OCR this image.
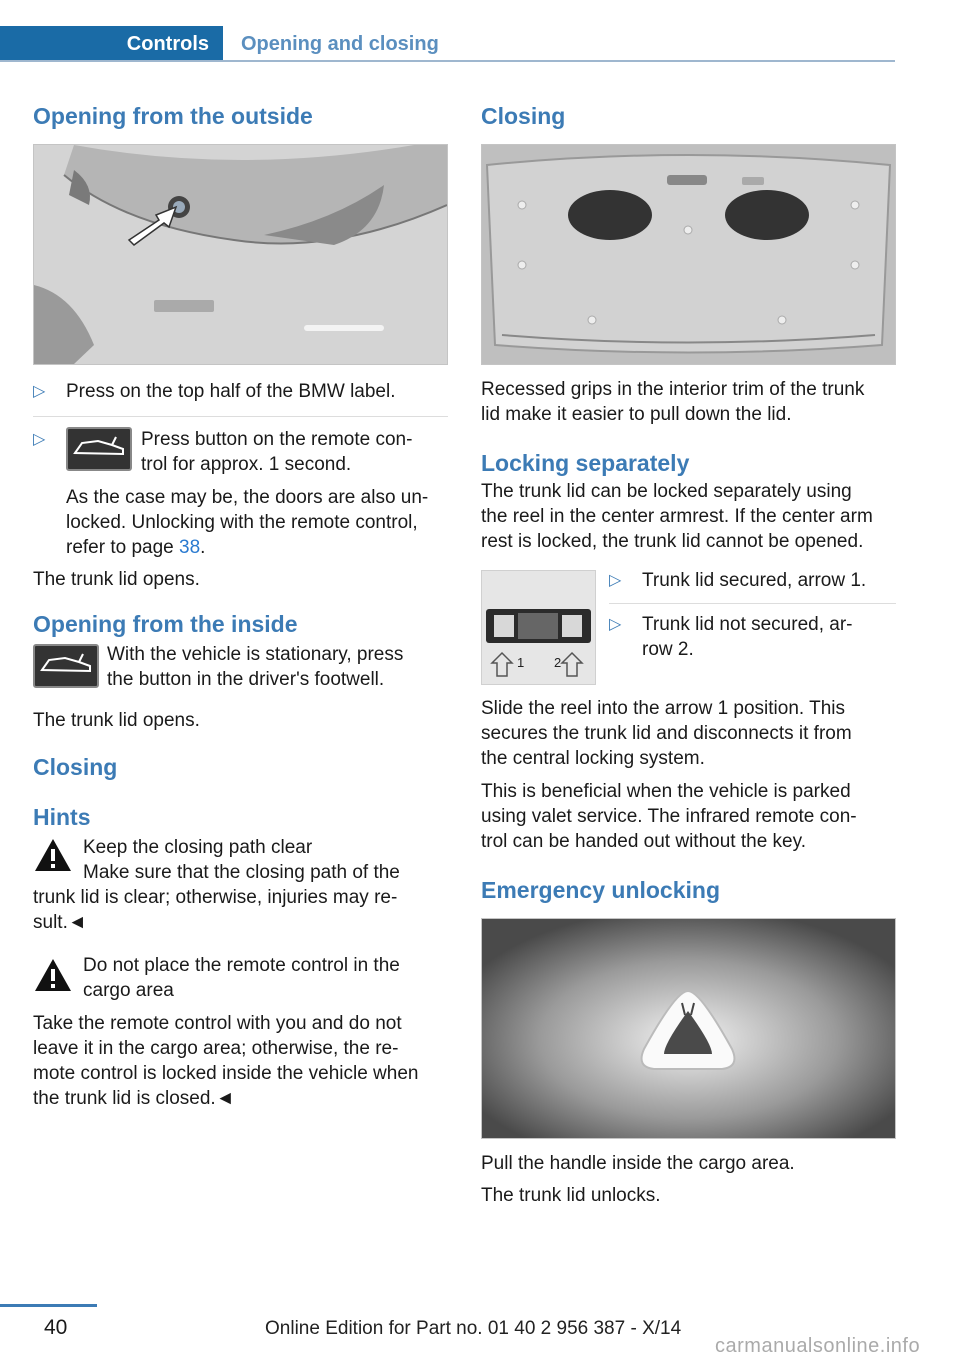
Controls	Opening and closing
Opening from the outside
▷ Press on the top half of the BMW label.
▷	Press button on the remote con-

trol for approx. 1 second.

As the case may be, the doors are also un-

locked. Unlocking with the remote control,

refer to page 38.

The trunk lid opens.

Opening from the inside

With the vehicle is stationary, press

the button in the driver's footwell.

The trunk lid opens.

Closing
Hints

Keep the closing path clear

Make sure that the closing path of the

trunk lid is clear; otherwise, injuries may re-

sult.◄

Do not place the remote control in the

cargo area

Take the remote control with you and do not

leave it in the cargo area; otherwise, the re-

mote control is locked inside the vehicle when

the trunk lid is closed.◄

Closing

Recessed grips in the interior trim of the trunk

lid make it easier to pull down the lid.

Locking separately

The trunk lid can be locked separately using

the reel in the center armrest. If the center arm

rest is locked, the trunk lid cannot be opened.

1 2
▷ Trunk lid secured, arrow 1.
▷ Trunk lid not secured, ar-

row 2.

Slide the reel into the arrow 1 position. This

secures the trunk lid and disconnects it from

the central locking system.

This is beneficial when the vehicle is parked

using valet service. The infrared remote con-

trol can be handed out without the key.

Emergency unlocking

Pull the handle inside the cargo area.

The trunk lid unlocks.

40	Online Edition for Part no. 01 40 2 956 387 - X/14
carmanualsonline.info
